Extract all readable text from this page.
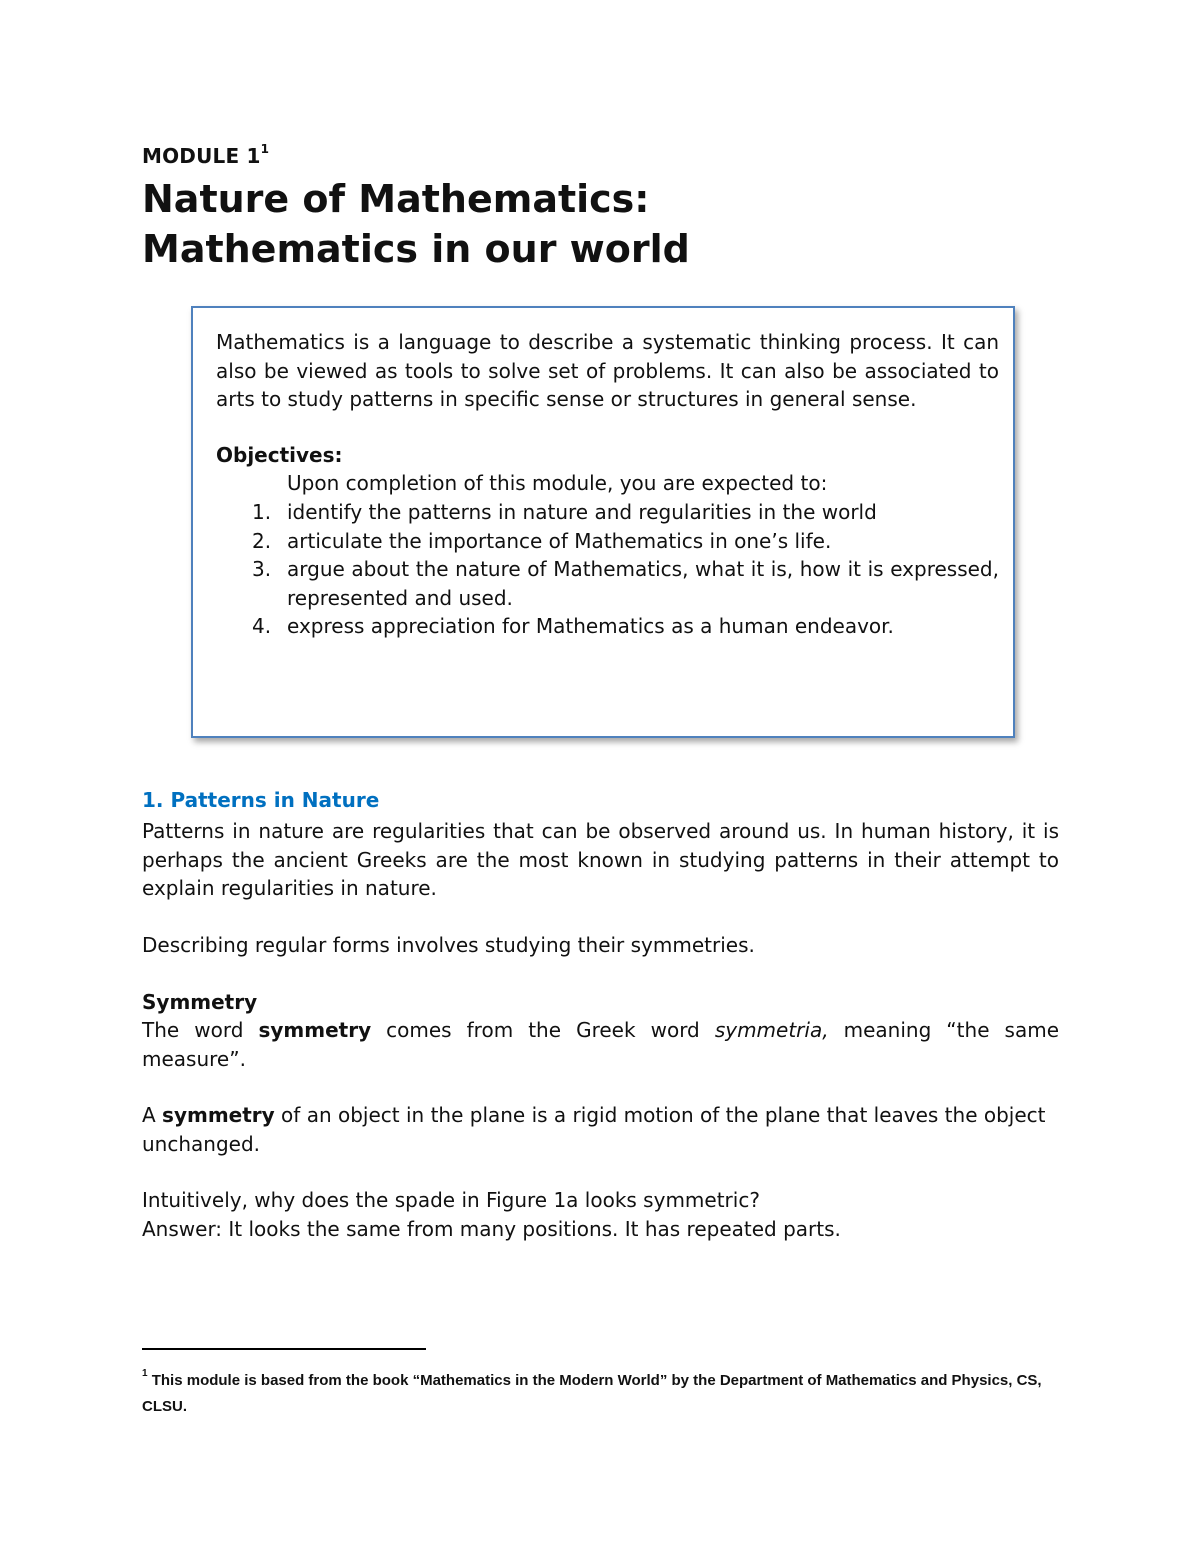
MODULE $1^1$
Nature of Mathematics:
Mathematics in our world

Mathematics is a language to describe a systematic thinking process. It can also be viewed as tools to solve set of problems. It can also be associated to arts to study patterns in specific sense or structures in general sense.

Objectives:

Upon completion of this module, you are expected to:

1. identify the patterns in nature and regularities in the world
2. articulate the importance of Mathematics in one’s life.
3. argue about the nature of Mathematics, what it is, how it is expressed, represented and used.
4. express appreciation for Mathematics as a human endeavor.
1. Patterns in Nature

Patterns in nature are regularities that can be observed around us. In human history, it is perhaps the ancient Greeks are the most known in studying patterns in their attempt to explain regularities in nature.

Describing regular forms involves studying their symmetries.

Symmetry

The word symmetry comes from the Greek word symmetria, meaning “the same measure”.

A symmetry of an object in the plane is a rigid motion of the plane that leaves the object unchanged.

Intuitively, why does the spade in Figure 1a looks symmetric?

Answer: It looks the same from many positions. It has repeated parts.

$^1$ This module is based from the book “Mathematics in the Modern World” by the Department of Mathematics and Physics, CS, CLSU.
